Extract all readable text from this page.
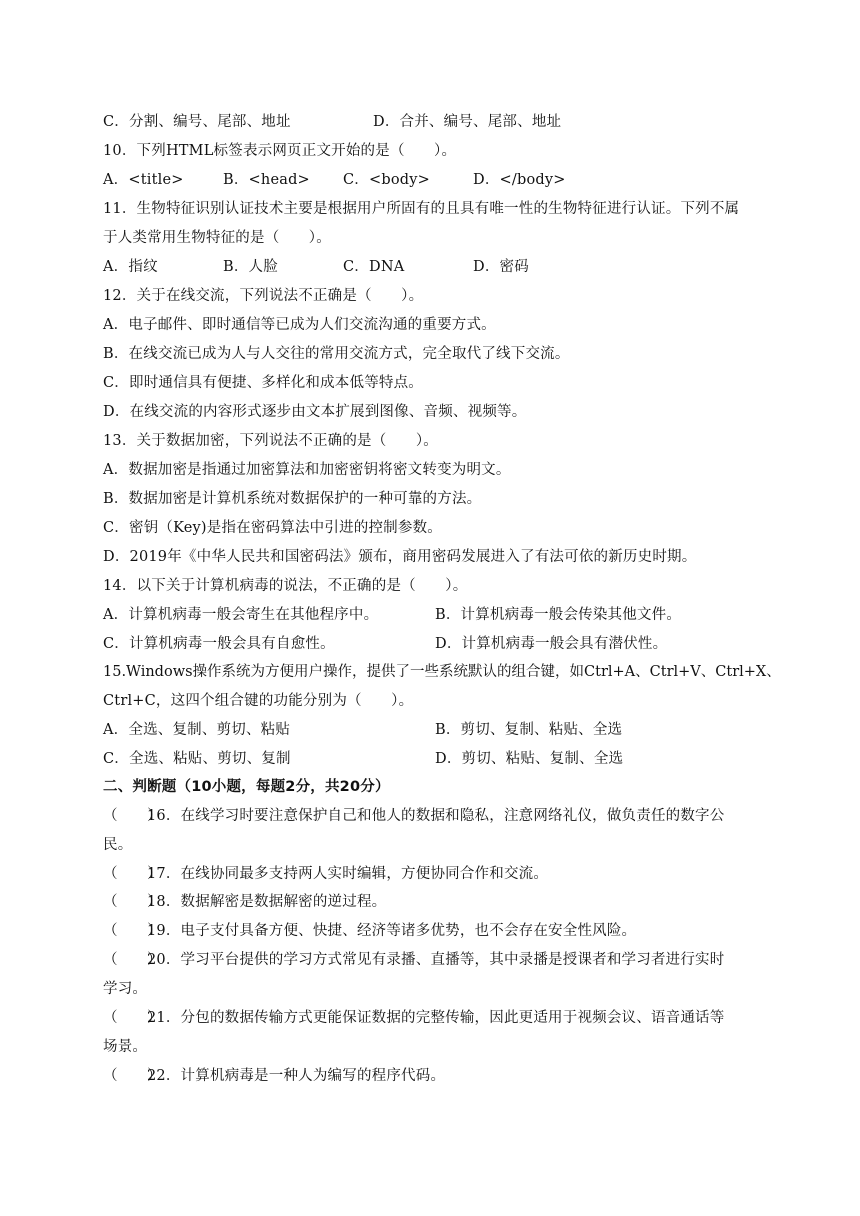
C．分割、编号、尾部、地址	D．合并、编号、尾部、地址
10．下列HTML标签表示网页正文开始的是（　　）。
A．<title>	B．<head> C．<body>	D．</body>
11．生物特征识别认证技术主要是根据用户所固有的且具有唯一性的生物特征进行认证。下列不属
于人类常用生物特征的是（　　）。
A．指纹	B．人脸	C．DNA	D．密码
12．关于在线交流，下列说法不正确是（　　）。
A．电子邮件、即时通信等已成为人们交流沟通的重要方式。
B．在线交流已成为人与人交往的常用交流方式，完全取代了线下交流。
C．即时通信具有便捷、多样化和成本低等特点。
D．在线交流的内容形式逐步由文本扩展到图像、音频、视频等。
13．关于数据加密，下列说法不正确的是（　　）。
A．数据加密是指通过加密算法和加密密钥将密文转变为明文。
B．数据加密是计算机系统对数据保护的一种可靠的方法。
C．密钥（Key)是指在密码算法中引进的控制参数。
D．2019年《中华人民共和国密码法》颁布，商用密码发展进入了有法可依的新历史时期。
14．以下关于计算机病毒的说法，不正确的是（　　）。
A．计算机病毒一般会寄生在其他程序中。	B．计算机病毒一般会传染其他文件。
C．计算机病毒一般会具有自愈性。	D．计算机病毒一般会具有潜伏性。
15.Windows操作系统为方便用户操作，提供了一些系统默认的组合键，如Ctrl+A、Ctrl+V、Ctrl+X、
Ctrl+C，这四个组合键的功能分别为（　　）。
A．全选、复制、剪切、粘贴	B．剪切、复制、粘贴、全选
C．全选、粘贴、剪切、复制	D．剪切、粘贴、复制、全选
二、判断题（10小题，每题2分，共20分）
（　　）16．在线学习时要注意保护自己和他人的数据和隐私，注意网络礼仪，做负责任的数字公
民。
（　　）17．在线协同最多支持两人实时编辑，方便协同合作和交流。
（　　）18．数据解密是数据解密的逆过程。
（　　）19．电子支付具备方便、快捷、经济等诸多优势，也不会存在安全性风险。
（　　）20．学习平台提供的学习方式常见有录播、直播等，其中录播是授课者和学习者进行实时
学习。
（　　）21．分包的数据传输方式更能保证数据的完整传输，因此更适用于视频会议、语音通话等
场景。
（　　）22．计算机病毒是一种人为编写的程序代码。
